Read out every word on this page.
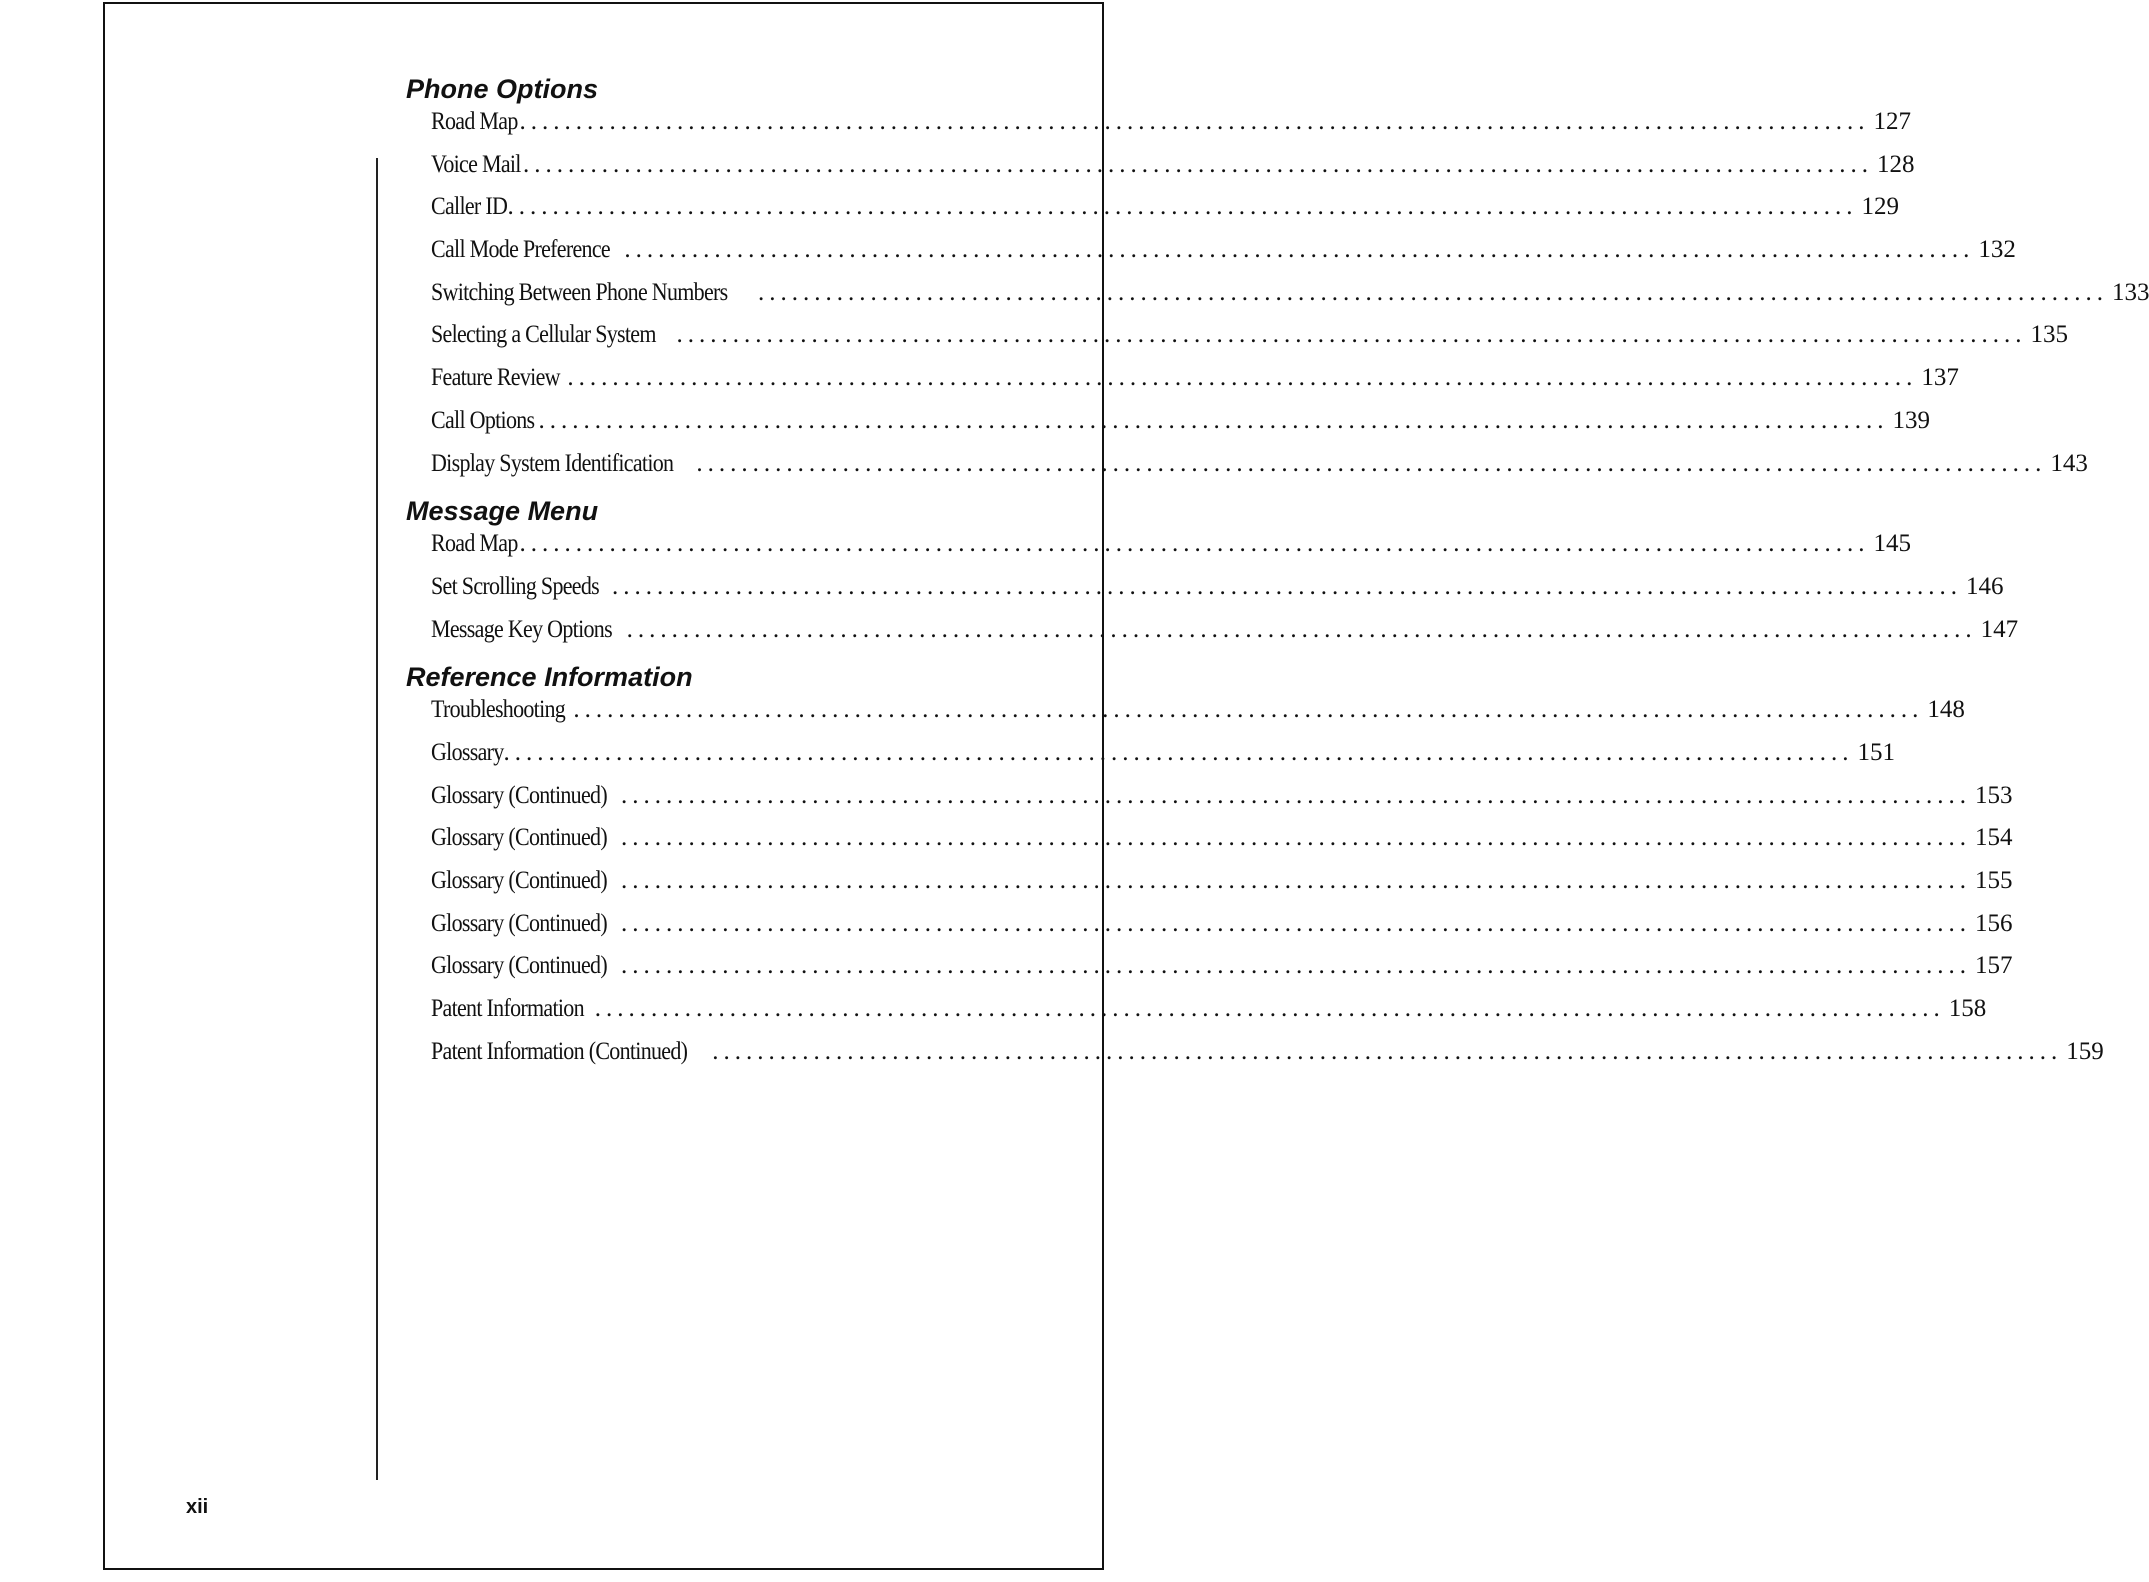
Phone Options
Road Map ........................................................................................................................ 127
Voice Mail ........................................................................................................................ 128
Caller ID ........................................................................................................................ 129
Call Mode Preference ........................................................................................................................ 132
Switching Between Phone Numbers ........................................................................................................................ 133
Selecting a Cellular System ........................................................................................................................ 135
Feature Review ........................................................................................................................ 137
Call Options ........................................................................................................................ 139
Display System Identification ........................................................................................................................ 143
Message Menu
Road Map ........................................................................................................................ 145
Set Scrolling Speeds ........................................................................................................................ 146
Message Key Options ........................................................................................................................ 147
Reference Information
Troubleshooting ........................................................................................................................ 148
Glossary ........................................................................................................................ 151
Glossary (Continued) ........................................................................................................................ 153
Glossary (Continued) ........................................................................................................................ 154
Glossary (Continued) ........................................................................................................................ 155
Glossary (Continued) ........................................................................................................................ 156
Glossary (Continued) ........................................................................................................................ 157
Patent Information ........................................................................................................................ 158
Patent Information (Continued) ........................................................................................................................ 159
xii
